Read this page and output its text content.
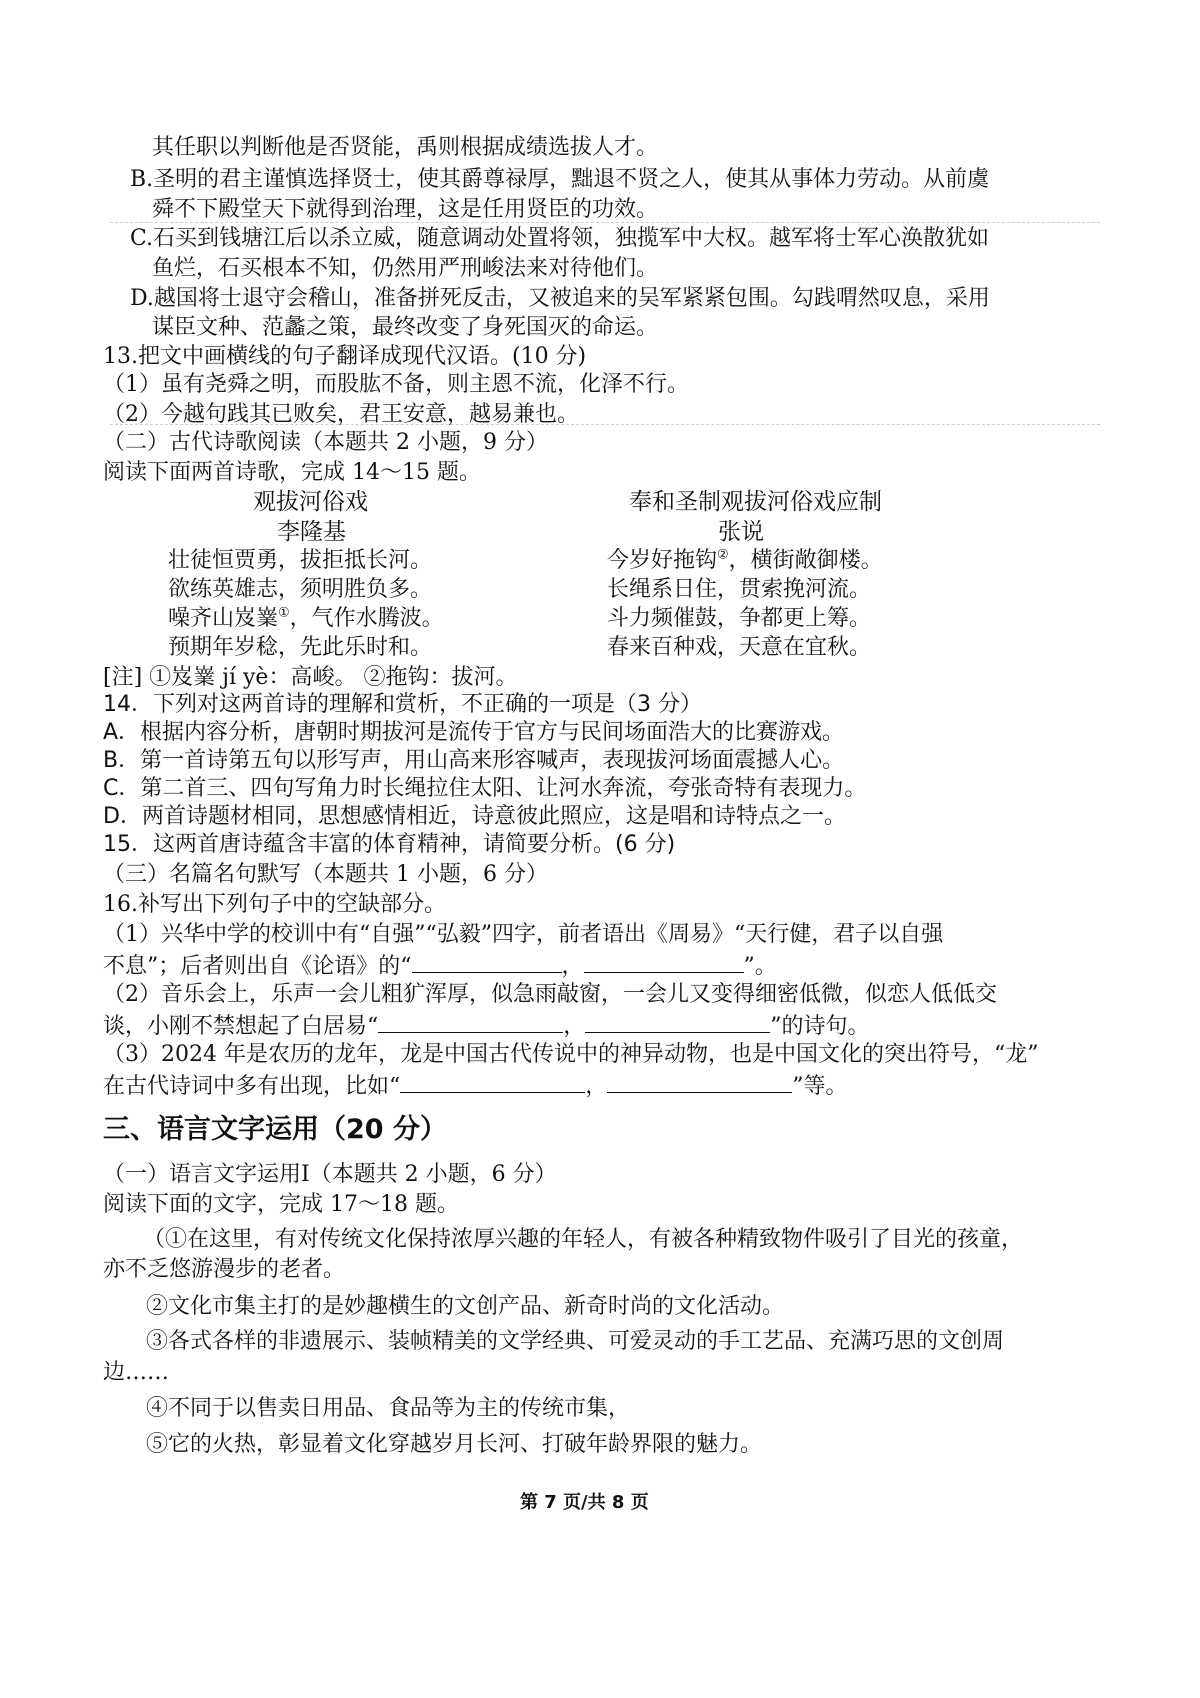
其任职以判断他是否贤能，禹则根据成绩选拔人才。
B.圣明的君主谨慎选择贤士，使其爵尊禄厚，黜退不贤之人，使其从事体力劳动。从前虞
舜不下殿堂天下就得到治理，这是任用贤臣的功效。
C.石买到钱塘江后以杀立威，随意调动处置将领，独揽军中大权。越军将士军心涣散犹如
鱼烂，石买根本不知，仍然用严刑峻法来对待他们。
D.越国将士退守会稽山，准备拼死反击，又被追来的吴军紧紧包围。勾践喟然叹息，采用
谋臣文种、范蠡之策，最终改变了身死国灭的命运。
13.把文中画横线的句子翻译成现代汉语。(10 分)
（1）虽有尧舜之明，而股肱不备，则主恩不流，化泽不行。
（2）今越句践其已败矣，君王安意，越易兼也。
（二）古代诗歌阅读（本题共 2 小题，9 分）
阅读下面两首诗歌，完成 14～15 题。
观拔河俗戏
李隆基
壮徒恒贾勇，拔拒抵长河。
欲练英雄志，须明胜负多。
噪齐山岌嶪①，气作水腾波。
预期年岁稔，先此乐时和。
奉和圣制观拔河俗戏应制
张说
今岁好拖钩②，横街敞御楼。
长绳系日住，贯索挽河流。
斗力频催鼓，争都更上筹。
春来百种戏，天意在宜秋。
[注] ①岌嶪 jí yè：高峻。 ②拖钩：拔河。
14．下列对这两首诗的理解和赏析，不正确的一项是（3 分）
A．根据内容分析，唐朝时期拔河是流传于官方与民间场面浩大的比赛游戏。
B．第一首诗第五句以形写声，用山高来形容喊声，表现拔河场面震撼人心。
C．第二首三、四句写角力时长绳拉住太阳、让河水奔流，夸张奇特有表现力。
D．两首诗题材相同，思想感情相近，诗意彼此照应，这是唱和诗特点之一。
15．这两首唐诗蕴含丰富的体育精神，请简要分析。(6 分)
（三）名篇名句默写（本题共 1 小题，6 分）
16.补写出下列句子中的空缺部分。
（1）兴华中学的校训中有“自强”“弘毅”四字，前者语出《周易》“天行健，君子以自强
不息”；后者则出自《论语》的“	，	”。
（2）音乐会上，乐声一会儿粗犷浑厚，似急雨敲窗，一会儿又变得细密低微，似恋人低低交
谈，小刚不禁想起了白居易“	，	”的诗句。
（3）2024 年是农历的龙年，龙是中国古代传说中的神异动物，也是中国文化的突出符号，“龙”
在古代诗词中多有出现，比如“	，	”等。
三、语言文字运用（20 分）
（一）语言文字运用Ⅰ（本题共 2 小题，6 分）
阅读下面的文字，完成 17～18 题。
（①在这里，有对传统文化保持浓厚兴趣的年轻人，有被各种精致物件吸引了目光的孩童，
亦不乏悠游漫步的老者。
②文化市集主打的是妙趣横生的文创产品、新奇时尚的文化活动。
③各式各样的非遗展示、装帧精美的文学经典、可爱灵动的手工艺品、充满巧思的文创周
边……
④不同于以售卖日用品、食品等为主的传统市集，
⑤它的火热，彰显着文化穿越岁月长河、打破年龄界限的魅力。
第 7 页/共 8 页
